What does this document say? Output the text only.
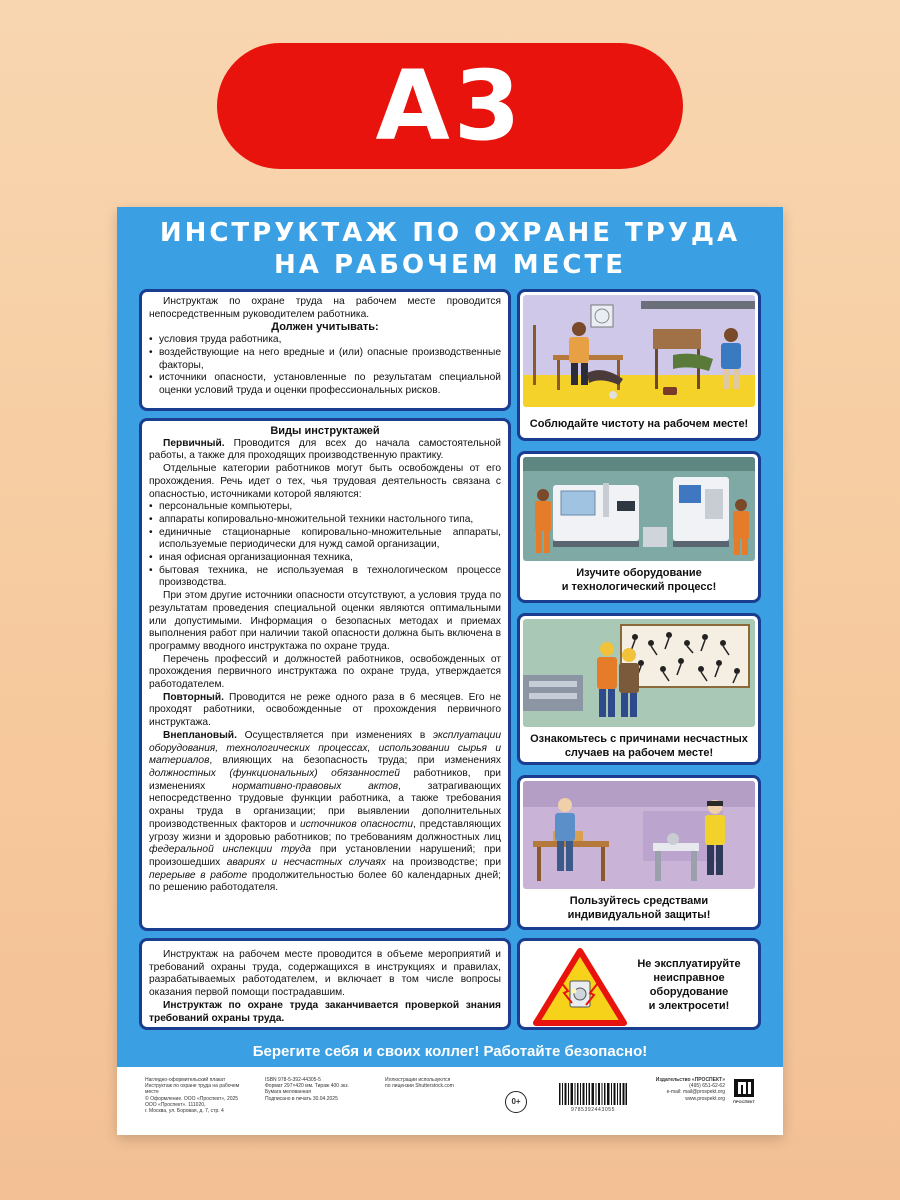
А3
ИНСТРУКТАЖ ПО ОХРАНЕ ТРУДА
НА РАБОЧЕМ МЕСТЕ

Инструктаж по охране труда на рабочем месте проводится непосредственным руководителем работника.

Должен учитывать:

• условия труда работника,
• воздействующие на него вредные и (или) опасные производственные факторы,
• источники опасности, установленные по результатам специальной оценки условий труда и оценки профессиональных рисков.

Виды инструктажей

Первичный. Проводится для всех до начала самостоятельной работы, а также для проходящих производственную практику.

Отдельные категории работников могут быть освобождены от его прохождения. Речь идет о тех, чья трудовая деятельность связана с опасностью, источниками которой являются:

• персональные компьютеры,
• аппараты копировально-множительной техники настольного типа,
• единичные стационарные копировально-множительные аппараты, используемые периодически для нужд самой организации,
• иная офисная организационная техника,
• бытовая техника, не используемая в технологическом процессе производства.

При этом другие источники опасности отсутствуют, а условия труда по результатам проведения специальной оценки являются оптимальными или допустимыми. Информация о безопасных методах и приемах выполнения работ при наличии такой опасности должна быть включена в программу вводного инструктажа по охране труда.

Перечень профессий и должностей работников, освобожденных от прохождения первичного инструктажа по охране труда, утверждается работодателем.

Повторный. Проводится не реже одного раза в 6 месяцев. Его не проходят работники, освобожденные от прохождения первичного инструктажа.

Внеплановый. Осуществляется при изменениях в эксплуатации оборудования, технологических процессах, использовании сырья и материалов, влияющих на безопасность труда; при изменениях должностных (функциональных) обязанностей работников, при изменениях нормативно-правовых актов, затрагивающих непосредственно трудовые функции работника, а также требования охраны труда в организации; при выявлении дополнительных производственных факторов и источников опасности, представляющих угрозу жизни и здоровью работников; по требованиям должностных лиц федеральной инспекции труда при установлении нарушений; при произошедших авариях и несчастных случаях на производстве; при перерыве в работе продолжительностью более 60 календарных дней; по решению работодателя.

Инструктаж на рабочем месте проводится в объеме мероприятий и требований охраны труда, содержащихся в инструкциях и правилах, разрабатываемых работодателем, и включает в том числе вопросы оказания первой помощи пострадавшим.

Инструктаж по охране труда заканчивается проверкой знания требований охраны труда.

Соблюдайте чистоту на рабочем месте!
Изучите оборудование
и технологический процесс!
Ознакомьтесь с причинами несчастных
случаев на рабочем месте!
Пользуйтесь средствами
индивидуальной защиты!
Не эксплуатируйте
неисправное
оборудование
и электросети!
Берегите себя и своих коллег! Работайте безопасно!
Наглядно-оформительский плакат
Инструктаж по охране труда на рабочем
месте
© Оформление. ООО «Проспект», 2025
ООО «Проспект». 111020,
г. Москва, ул. Боровая, д. 7, стр. 4
ISBN 978-5-392-44305-5
Формат 297×420 мм. Тираж 400 экз.
Бумага мелованная
Подписано в печать 30.04.2025
Иллюстрации используются
по лицензии Shutterstock.com
0+
9785392443055
Издательство «ПРОСПЕКТ»
(495) 651-62-62
e-mail: mail@prospekt.org
www.prospekt.org
ПРОСПЕКТ
